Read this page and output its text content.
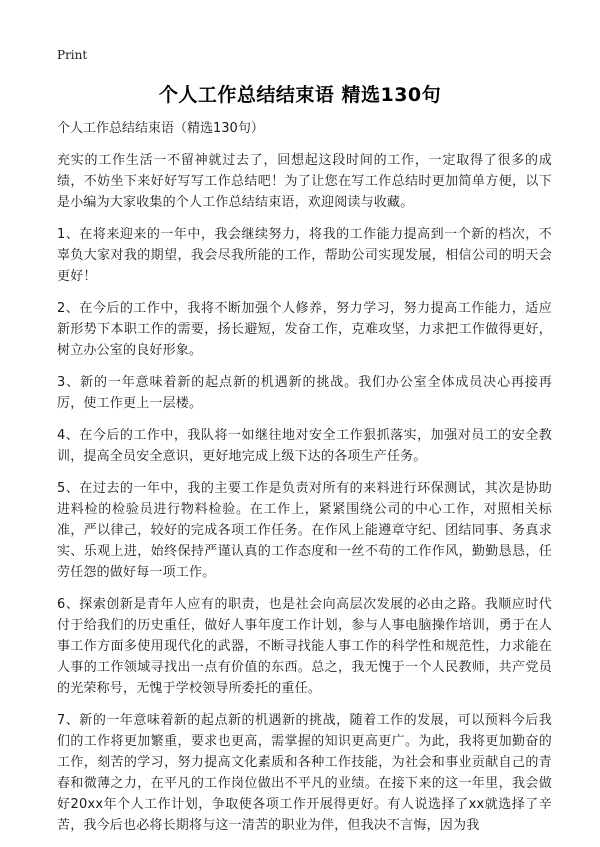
Print
个人工作总结结束语 精选130句

个人工作总结结束语（精选130句）

充实的工作生活一不留神就过去了，回想起这段时间的工作，一定取得了很多的成绩，不妨坐下来好好写写工作总结吧！为了让您在写工作总结时更加简单方便，以下是小编为大家收集的个人工作总结结束语，欢迎阅读与收藏。

1、在将来迎来的一年中，我会继续努力，将我的工作能力提高到一个新的档次，不辜负大家对我的期望，我会尽我所能的工作，帮助公司实现发展，相信公司的明天会更好！

2、在今后的工作中，我将不断加强个人修养，努力学习，努力提高工作能力，适应新形势下本职工作的需要，扬长避短，发奋工作，克难攻坚，力求把工作做得更好，树立办公室的良好形象。

3、新的一年意味着新的起点新的机遇新的挑战。我们办公室全体成员决心再接再厉，使工作更上一层楼。

4、在今后的工作中，我队将一如继往地对安全工作狠抓落实，加强对员工的安全教训，提高全员安全意识，更好地完成上级下达的各项生产任务。

5、在过去的一年中，我的主要工作是负责对所有的来料进行环保测试，其次是协助进料检的检验员进行物料检验。在工作上，紧紧围绕公司的中心工作，对照相关标准，严以律己，较好的完成各项工作任务。在作风上能遵章守纪、团结同事、务真求实、乐观上进，始终保持严谨认真的工作态度和一丝不苟的工作作风，勤勤恳恳，任劳任怨的做好每一项工作。

6、探索创新是青年人应有的职责，也是社会向高层次发展的必由之路。我顺应时代付于给我们的历史重任，做好人事年度工作计划，参与人事电脑操作培训，勇于在人事工作方面多使用现代化的武器，不断寻找能人事工作的科学性和规范性，力求能在人事的工作领域寻找出一点有价值的东西。总之，我无愧于一个人民教师，共产党员的光荣称号，无愧于学校领导所委托的重任。

7、新的一年意味着新的起点新的机遇新的挑战，随着工作的发展，可以预料今后我们的工作将更加繁重，要求也更高，需掌握的知识更高更广。为此，我将更加勤奋的工作，刻苦的学习，努力提高文化素质和各种工作技能，为社会和事业贡献自己的青春和微薄之力，在平凡的工作岗位做出不平凡的业绩。在接下来的这一年里，我会做好20xx年个人工作计划，争取使各项工作开展得更好。有人说选择了xx就选择了辛苦，我今后也必将长期将与这一清苦的职业为伴，但我决不言悔，因为我
